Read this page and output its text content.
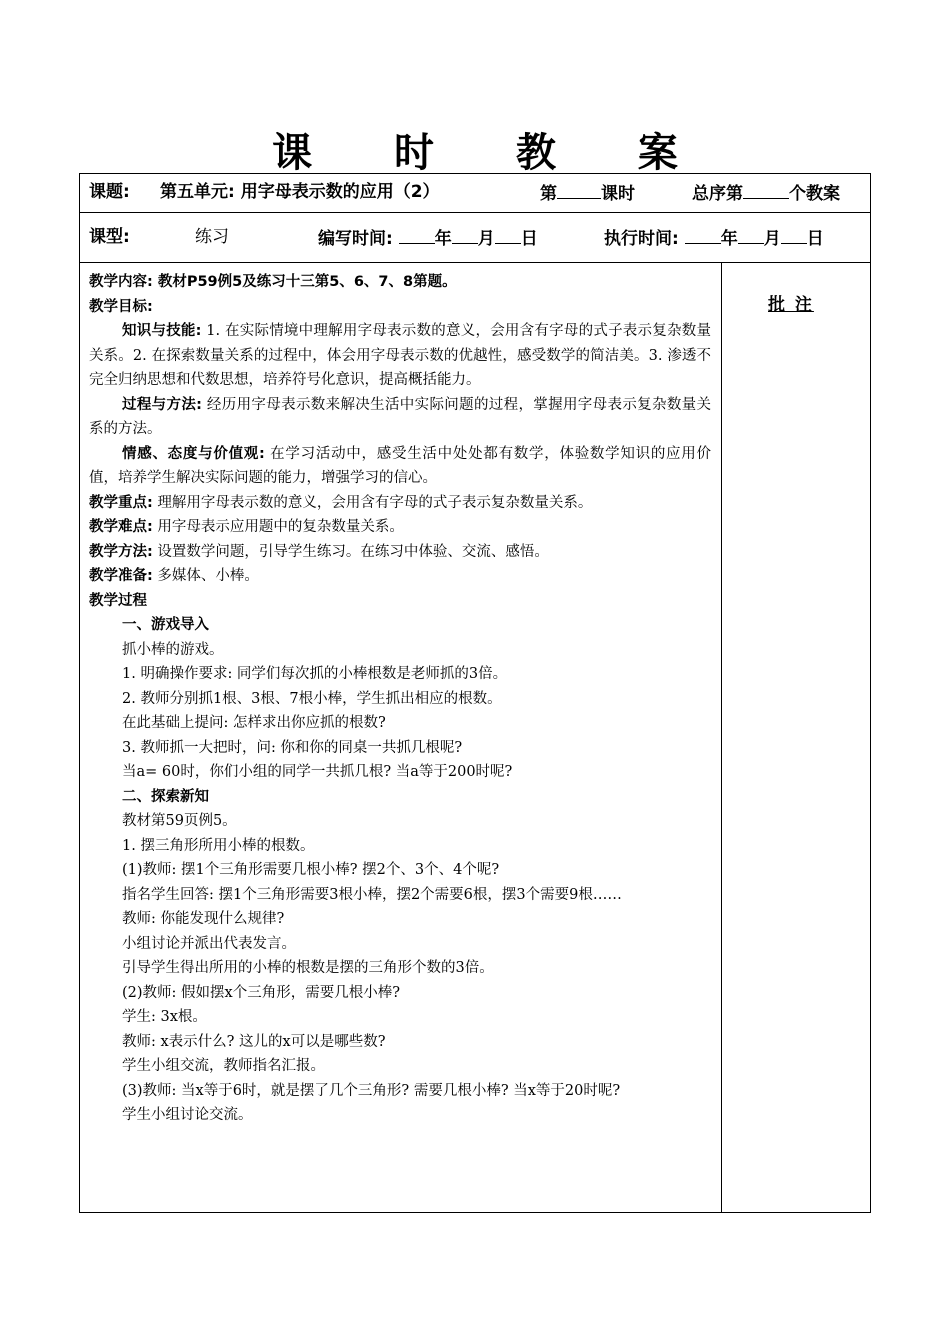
课 时 教 案
课题: 第五单元: 用字母表示数的应用（2）	第	课时	总序第	个教案
课型:	练习	编写时间: 年 月 日	执行时间: 年 月 日
批 注

教学内容: 教材P59例5及练习十三第5、6、7、8第题。

教学目标:

知识与技能: 1. 在实际情境中理解用字母表示数的意义，会用含有字母的式子表示复杂数量关系。2. 在探索数量关系的过程中，体会用字母表示数的优越性，感受数学的简洁美。3. 渗透不完全归纳思想和代数思想，培养符号化意识，提高概括能力。

过程与方法: 经历用字母表示数来解决生活中实际问题的过程，掌握用字母表示复杂数量关系的方法。

情感、态度与价值观: 在学习活动中，感受生活中处处都有数学，体验数学知识的应用价值，培养学生解决实际问题的能力，增强学习的信心。

教学重点: 理解用字母表示数的意义，会用含有字母的式子表示复杂数量关系。

教学难点: 用字母表示应用题中的复杂数量关系。

教学方法: 设置数学问题，引导学生练习。在练习中体验、交流、感悟。

教学准备: 多媒体、小棒。

教学过程

一、游戏导入

抓小棒的游戏。

1. 明确操作要求: 同学们每次抓的小棒根数是老师抓的3倍。

2. 教师分别抓1根、3根、7根小棒，学生抓出相应的根数。

在此基础上提问: 怎样求出你应抓的根数?

3. 教师抓一大把时，问: 你和你的同桌一共抓几根呢?

当a= 60时，你们小组的同学一共抓几根? 当a等于200时呢?

二、探索新知

教材第59页例5。

1. 摆三角形所用小棒的根数。

(1)教师: 摆1个三角形需要几根小棒? 摆2个、3个、4个呢?

指名学生回答: 摆1个三角形需要3根小棒，摆2个需要6根，摆3个需要9根……

教师: 你能发现什么规律?

小组讨论并派出代表发言。

引导学生得出所用的小棒的根数是摆的三角形个数的3倍。

(2)教师: 假如摆x个三角形，需要几根小棒?

学生: 3x根。

教师: x表示什么? 这儿的x可以是哪些数?

学生小组交流，教师指名汇报。

(3)教师: 当x等于6时，就是摆了几个三角形? 需要几根小棒? 当x等于20时呢?

学生小组讨论交流。
